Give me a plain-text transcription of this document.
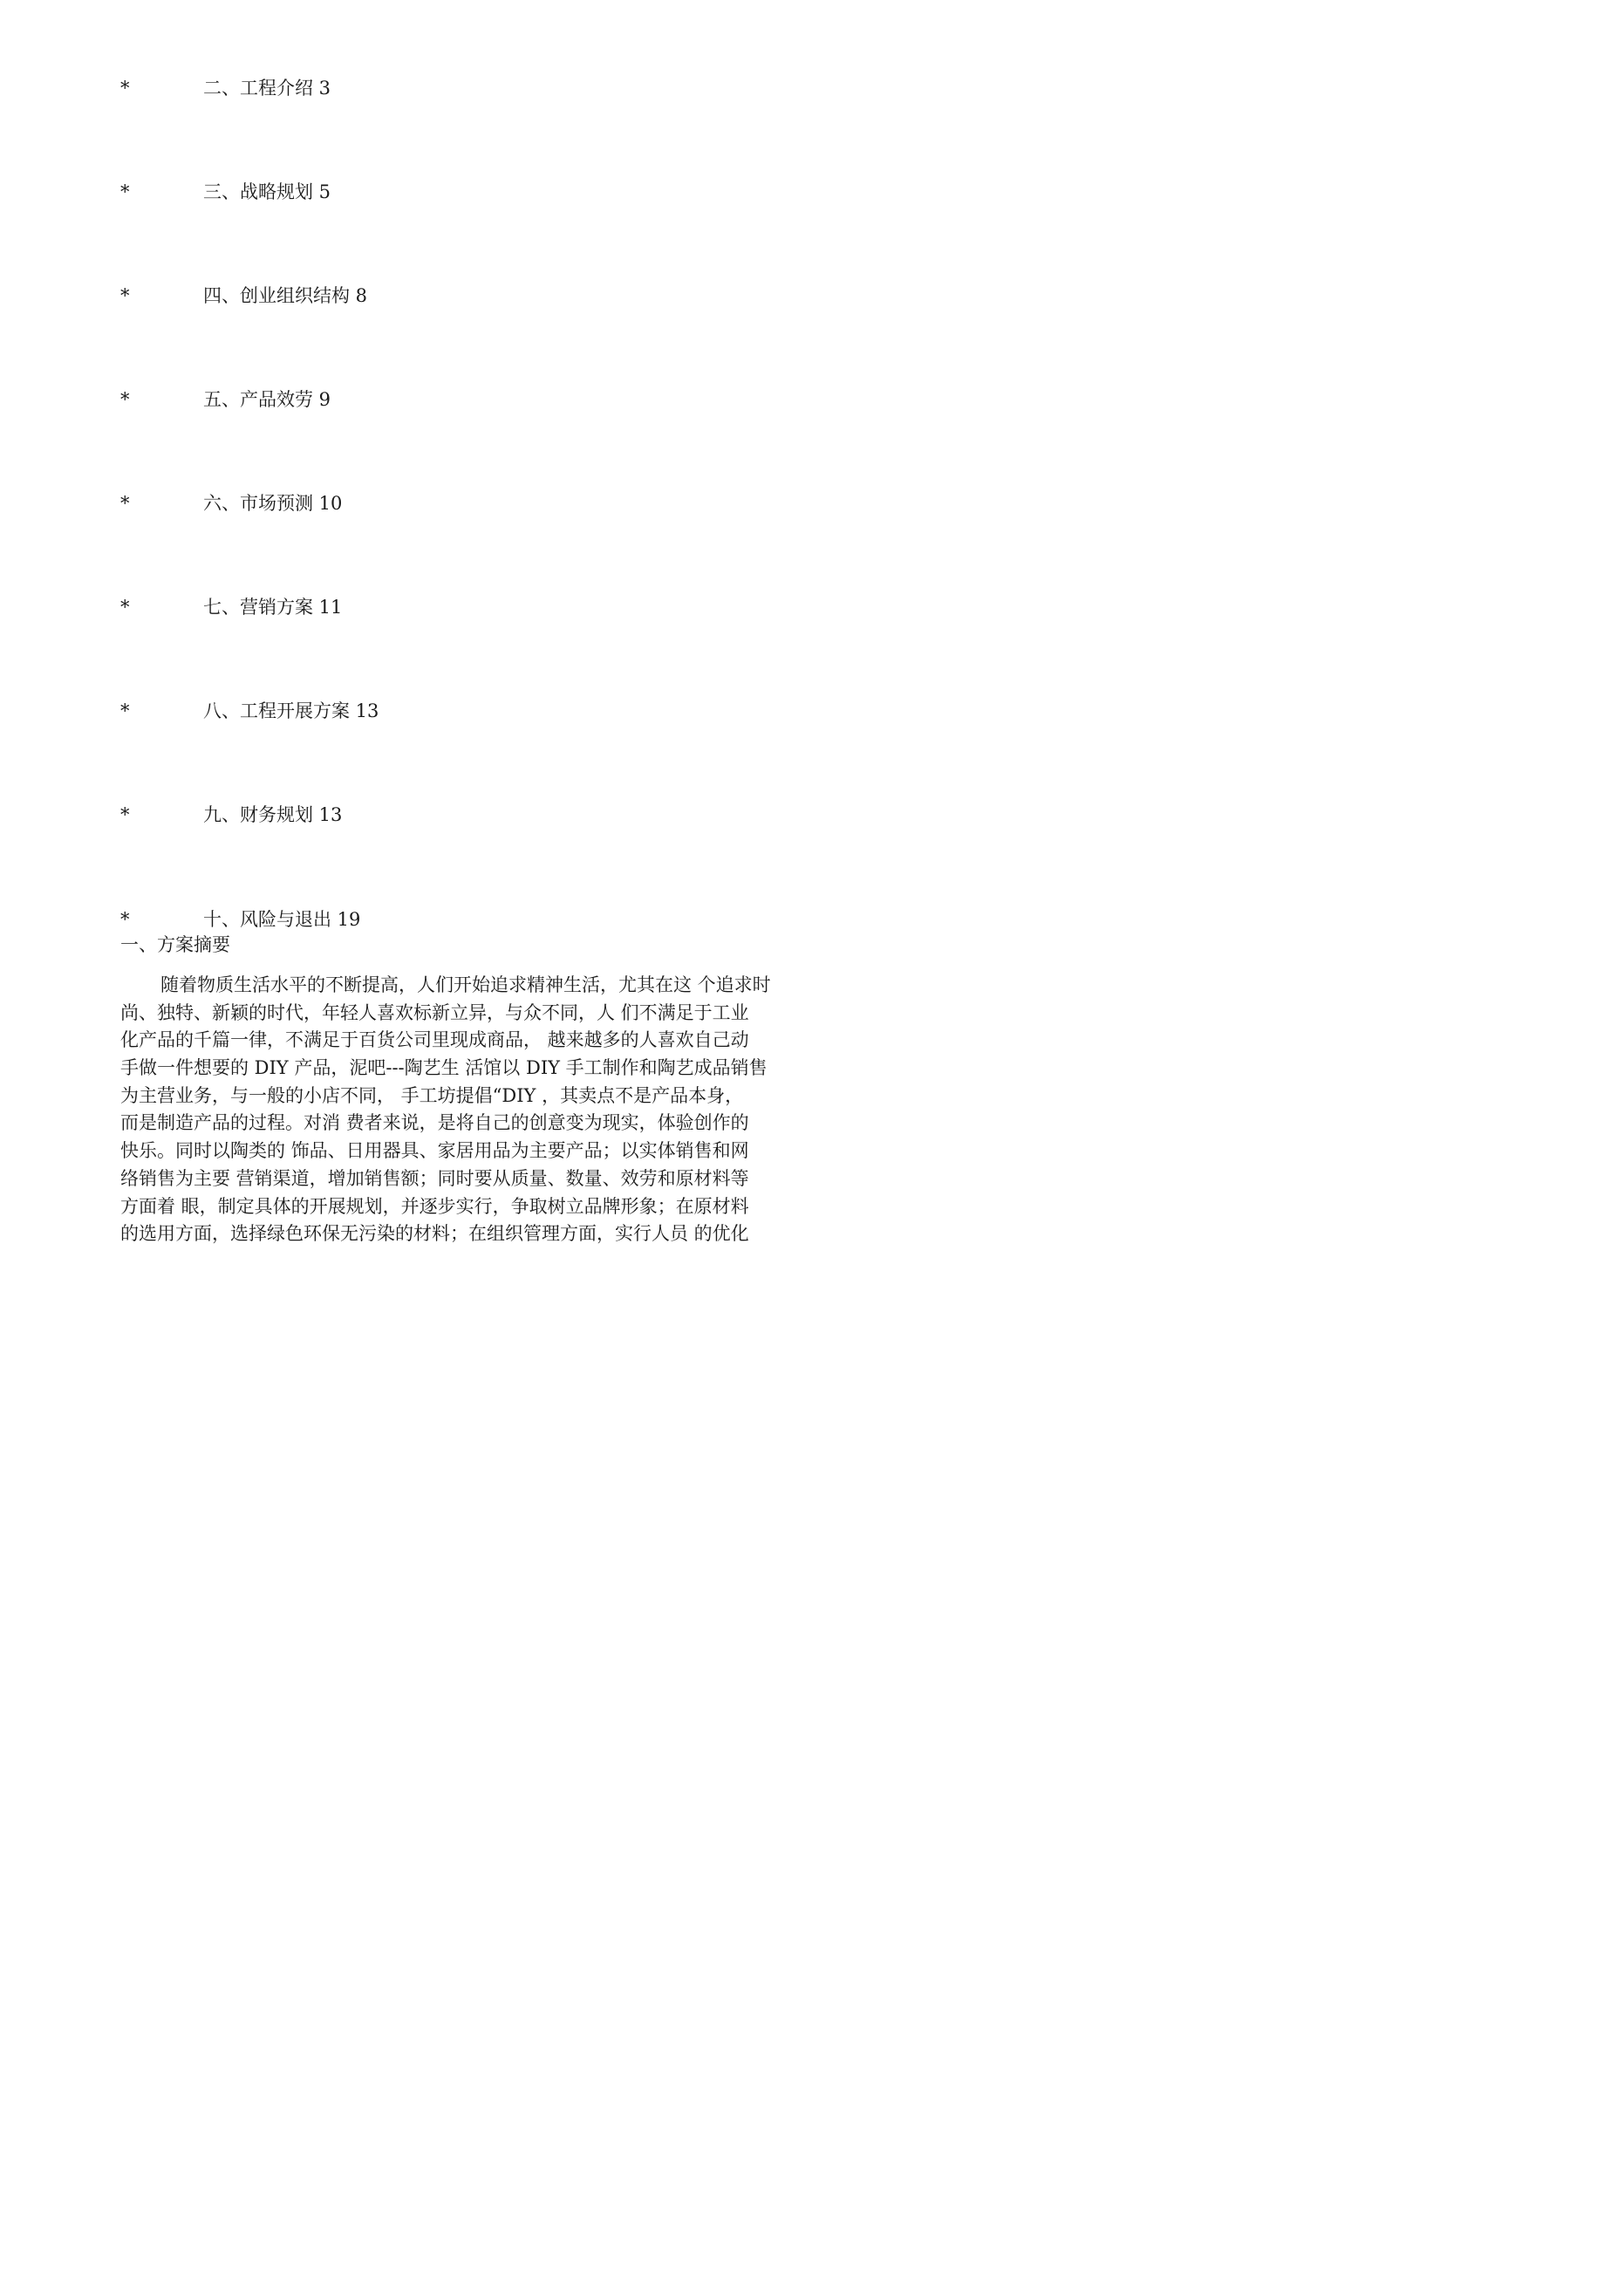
*	二、工程介绍 3
*	三、战略规划 5
*	四、创业组织结构 8
*	五、产品效劳 9
*	六、市场预测 10
*	七、营销方案 11
*	八、工程开展方案 13
*	九、财务规划 13
*	十、风险与退出 19
一、方案摘要
随着物质生活水平的不断提高，人们开始追求精神生活，尤其在这 个追求时
尚、独特、新颖的时代，年轻人喜欢标新立异，与众不同，人 们不满足于工业
化产品的千篇一律，不满足于百货公司里现成商品， 越来越多的人喜欢自己动
手做一件想要的 DIY 产品，泥吧---陶艺生 活馆以 DIY 手工制作和陶艺成品销售
为主营业务，与一般的小店不同， 手工坊提倡“DIY ，其卖点不是产品本身，
而是制造产品的过程。对消 费者来说，是将自己的创意变为现实，体验创作的
快乐。同时以陶类的 饰品、日用器具、家居用品为主要产品；以实体销售和网
络销售为主要 营销渠道，增加销售额；同时要从质量、数量、效劳和原材料等
方面着 眼，制定具体的开展规划，并逐步实行，争取树立品牌形象；在原材料
的选用方面，选择绿色环保无污染的材料；在组织管理方面，实行人员 的优化
